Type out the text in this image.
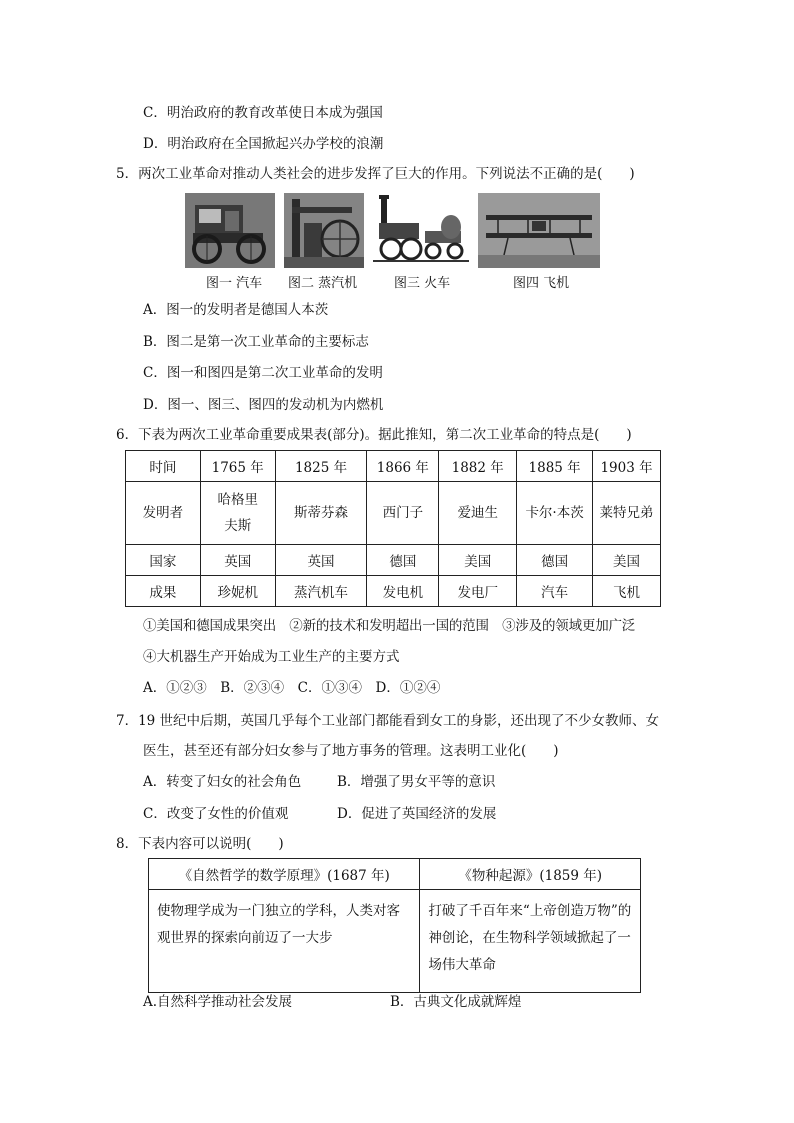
C．明治政府的教育改革使日本成为强国
D．明治政府在全国掀起兴办学校的浪潮
5．两次工业革命对推动人类社会的进步发挥了巨大的作用。下列说法不正确的是(　　)
图一 汽车 图二 蒸汽机	图三 火车	图四 飞机
A．图一的发明者是德国人本茨
B．图二是第一次工业革命的主要标志
C．图一和图四是第二次工业革命的发明
D．图一、图三、图四的发动机为内燃机
6．下表为两次工业革命重要成果表(部分)。据此推知，第二次工业革命的特点是(　　)
时间	1765 年	1825 年	1866 年	1882 年	1885 年	1903 年
发明者	哈格里夫斯	斯蒂芬森	西门子	爱迪生	卡尔·本茨	莱特兄弟
国家	英国	英国	德国	美国	德国	美国
成果	珍妮机	蒸汽机车	发电机	发电厂	汽车	飞机
①美国和德国成果突出　②新的技术和发明超出一国的范围　③涉及的领域更加广泛
④大机器生产开始成为工业生产的主要方式
A．①②③　B．②③④　C．①③④　D．①②④
7．19 世纪中后期，英国几乎每个工业部门都能看到女工的身影，还出现了不少女教师、女
医生，甚至还有部分妇女参与了地方事务的管理。这表明工业化(　　)
A．转变了妇女的社会角色	B．增强了男女平等的意识
C．改变了女性的价值观	D．促进了英国经济的发展
8．下表内容可以说明(　　)
《自然哲学的数学原理》(1687 年)	《物种起源》(1859 年)
使物理学成为一门独立的学科，人类对客观世界的探索向前迈了一大步	打破了千百年来“上帝创造万物”的神创论，在生物科学领域掀起了一场伟大革命
A.自然科学推动社会发展	B．古典文化成就辉煌
